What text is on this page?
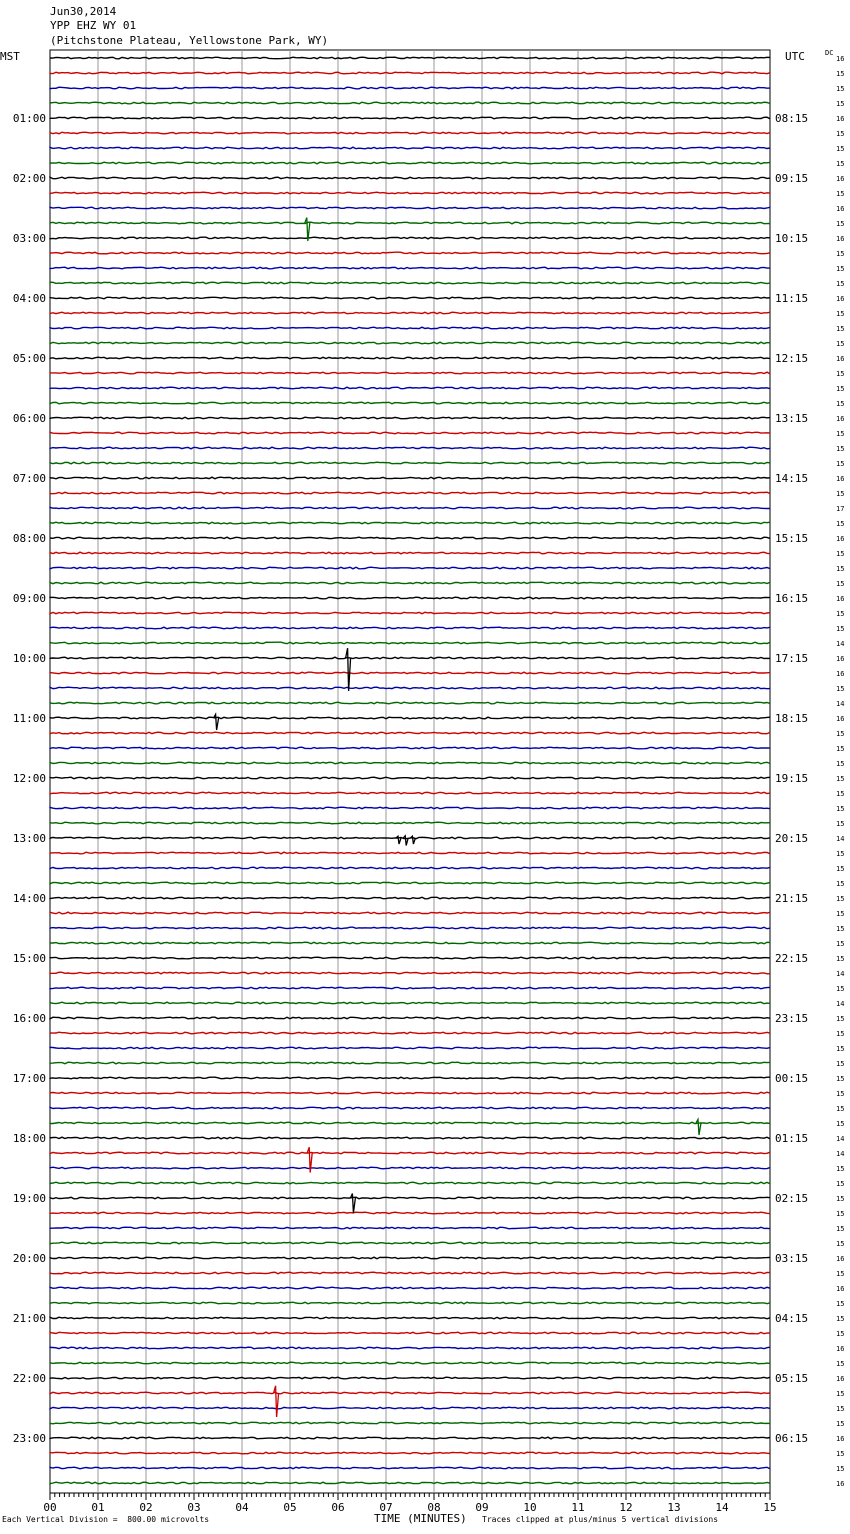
Jun30,2014
YPP EHZ WY 01
(Pitchstone Plateau, Yellowstone Park, WY)
MST	UTC	DC
16
15
15
15
16
15
15
15
16
15
16
15
16
15
15
15
16
15
15
15
16
15
15
15
16
15
15
15
16
15
17
15
16
15
15
15
16
15
15
14
16
16
15
14
16
15
15
15
15
15
15
15
14
15
15
15
15
15
15
15
15
14
15
14
15
15
15
15
15
15
15
15
14
14
15
15
15
15
15
15
16
15
16
15
15
15
16
15
16
15
15
15
16
15
15
16
01:00
02:00
03:00
04:00
05:00
06:00
07:00
08:00
09:00
10:00
11:00
12:00
13:00
14:00
15:00
16:00
17:00
18:00
19:00
20:00
21:00
22:00
23:00
08:15
09:15
10:15
11:15
12:15
13:15
14:15
15:15
16:15
17:15
18:15
19:15
20:15
21:15
22:15
23:15
00:15
01:15
02:15
03:15
04:15
05:15
06:15
00	01	02	03	04	05	06	07	08	09	10	11	12	13	14	15
Each Vertical Division =  800.00 microvolts	TIME (MINUTES) Traces clipped at plus/minus 5 vertical divisions
